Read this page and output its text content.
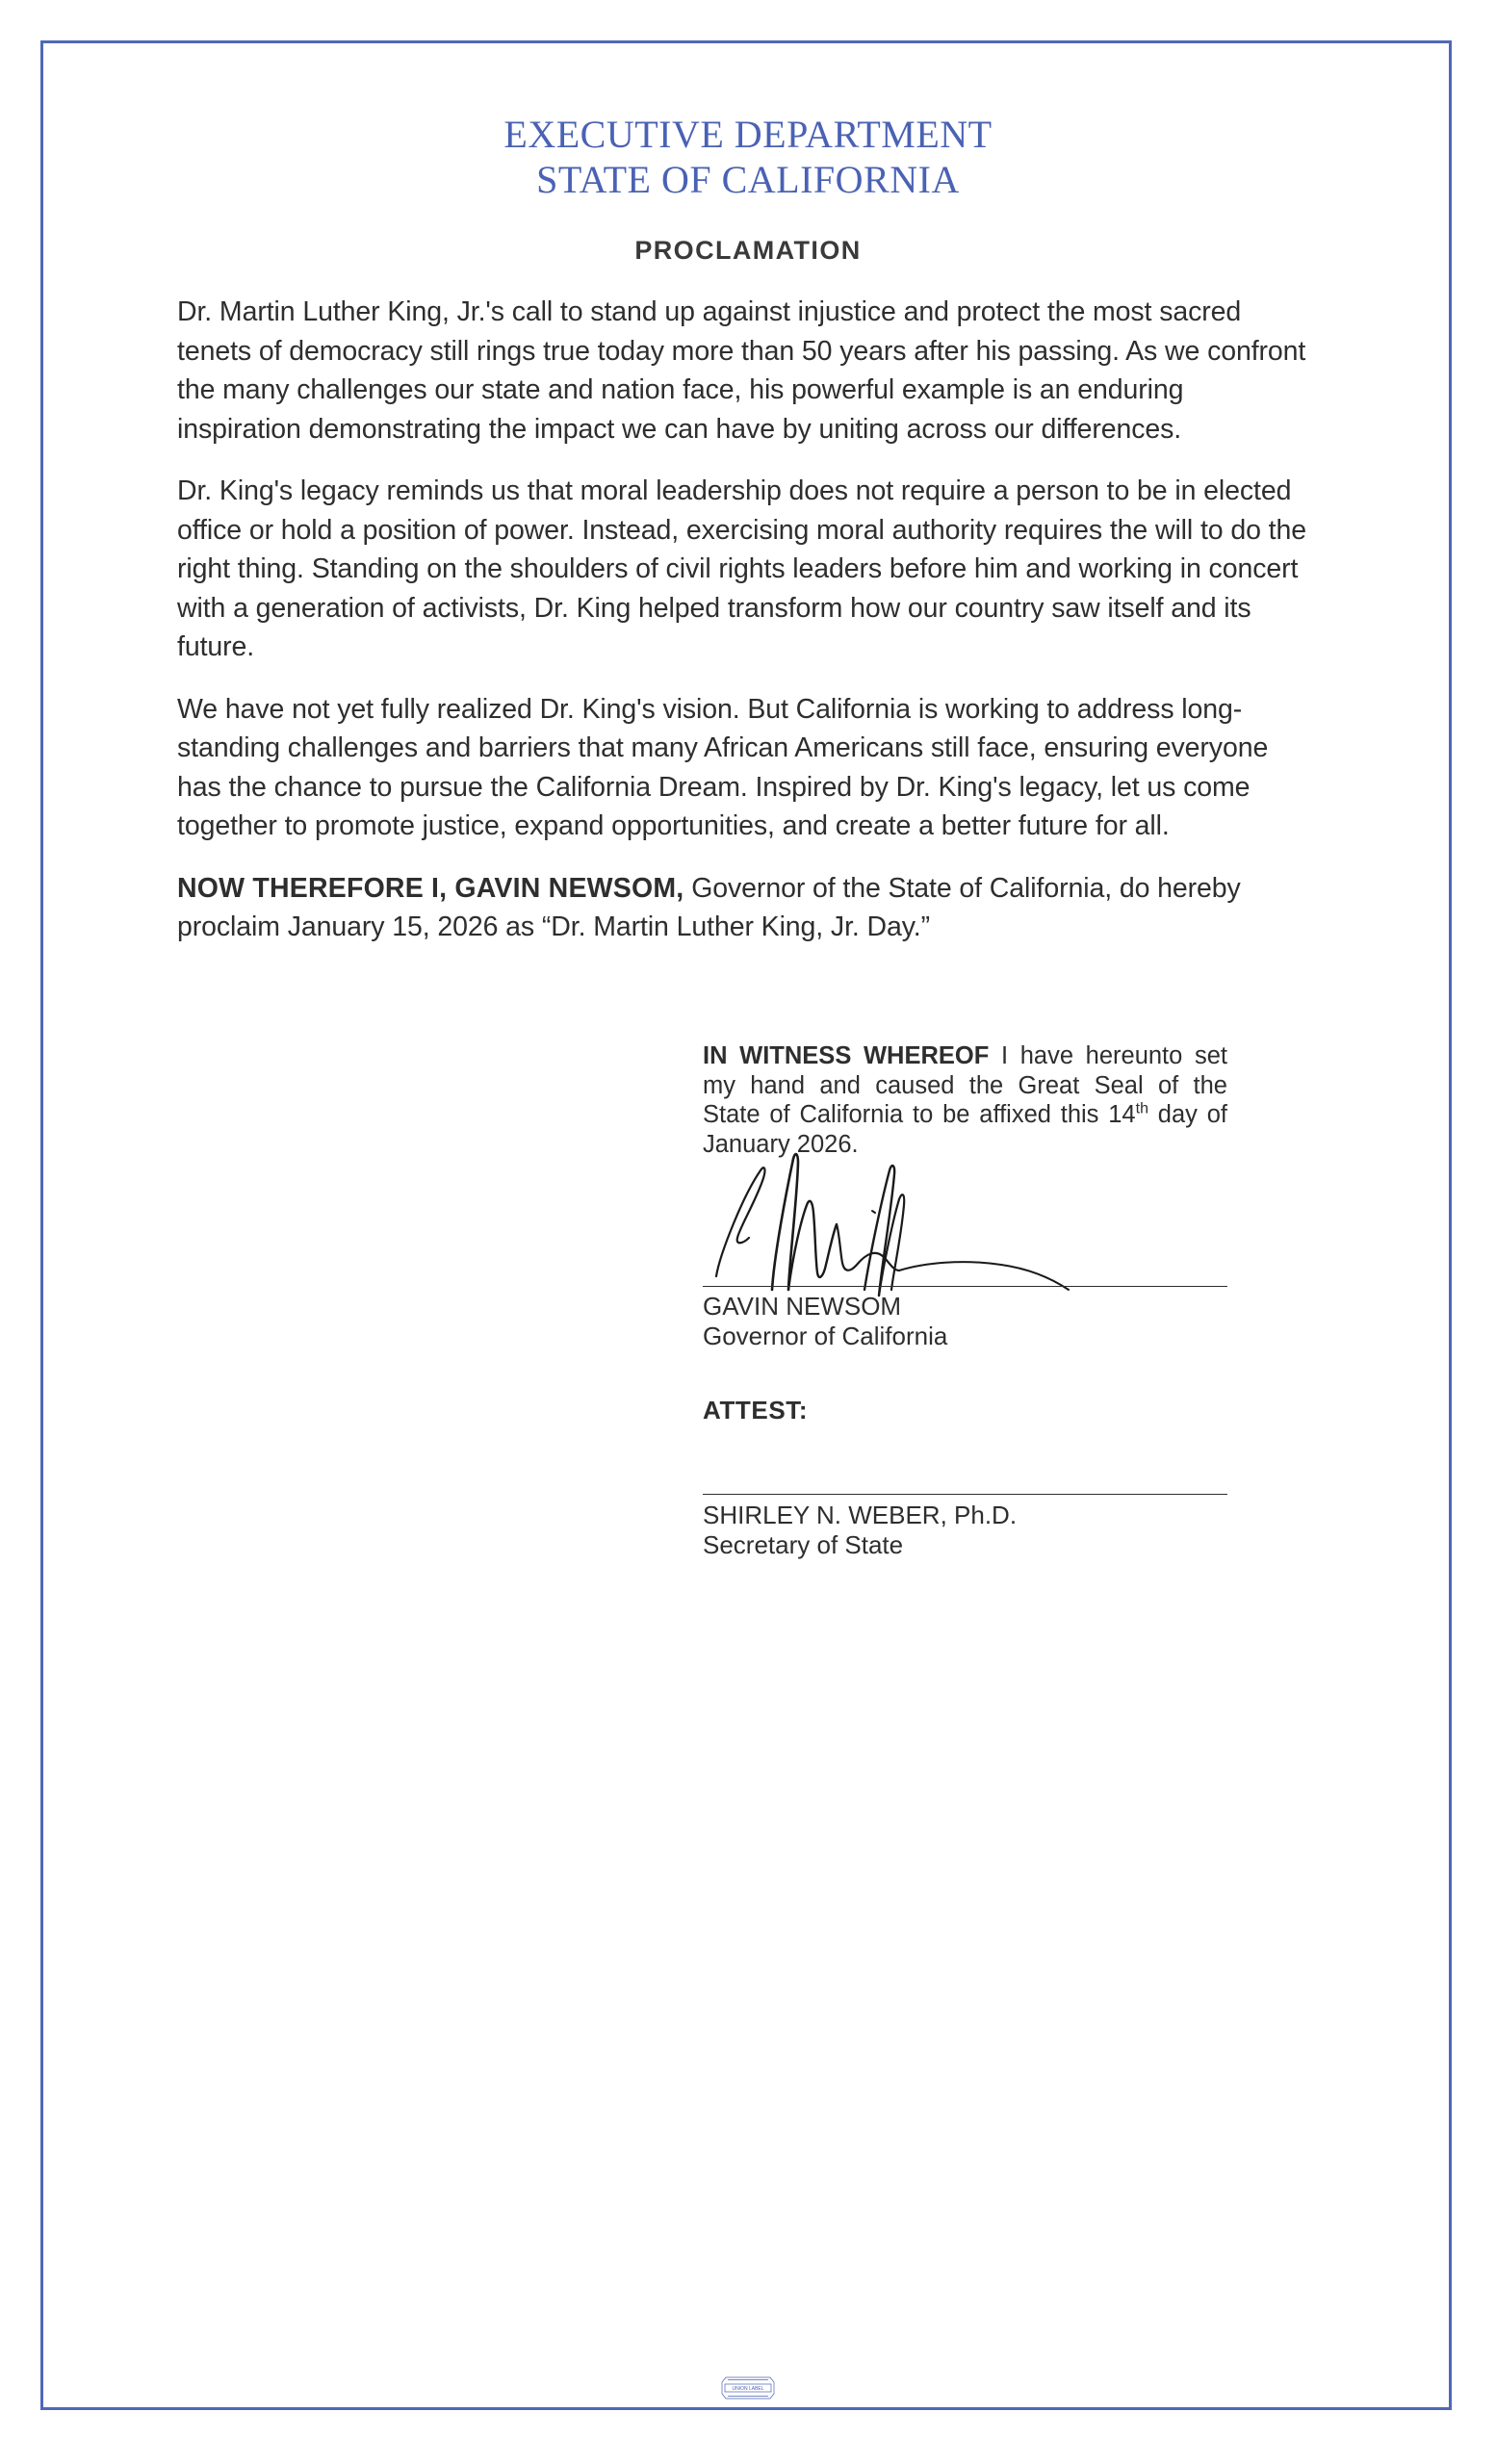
EXECUTIVE DEPARTMENT
STATE OF CALIFORNIA
PROCLAMATION

Dr. Martin Luther King, Jr.'s call to stand up against injustice and protect the most sacred tenets of democracy still rings true today more than 50 years after his passing. As we confront the many challenges our state and nation face, his powerful example is an enduring inspiration demonstrating the impact we can have by uniting across our differences.

Dr. King's legacy reminds us that moral leadership does not require a person to be in elected office or hold a position of power. Instead, exercising moral authority requires the will to do the right thing. Standing on the shoulders of civil rights leaders before him and working in concert with a generation of activists, Dr. King helped transform how our country saw itself and its future.

We have not yet fully realized Dr. King's vision. But California is working to address long-standing challenges and barriers that many African Americans still face, ensuring everyone has the chance to pursue the California Dream. Inspired by Dr. King's legacy, let us come together to promote justice, expand opportunities, and create a better future for all.

NOW THEREFORE I, GAVIN NEWSOM, Governor of the State of California, do hereby proclaim January 15, 2026 as “Dr. Martin Luther King, Jr. Day.”

IN WITNESS WHEREOF I have hereunto set my hand and caused the Great Seal of the State of California to be affixed this 14th day of January 2026.

GAVIN NEWSOM
Governor of California
ATTEST:
SHIRLEY N. WEBER, Ph.D.
Secretary of State
UNION LABEL
